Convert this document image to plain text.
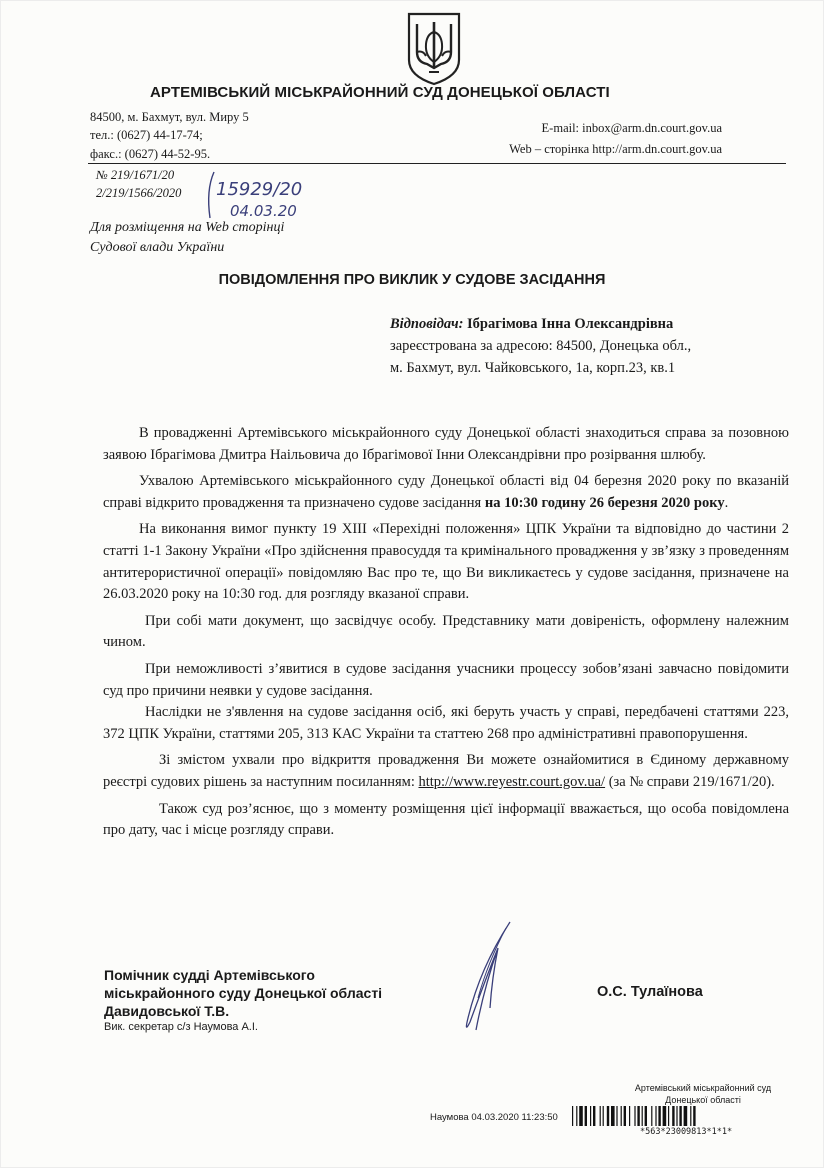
АРТЕМІВСЬКИЙ МІСЬКРАЙОННИЙ СУД ДОНЕЦЬКОЇ ОБЛАСТІ
84500, м. Бахмут, вул. Миру 5
тел.: (0627) 44-17-74;
факс.: (0627) 44-52-95.
E-mail: inbox@arm.dn.court.gov.ua
Web – сторінка http://arm.dn.court.gov.ua
№ 219/1671/20
2/219/1566/2020 15929/20
04.03.20
Для розміщення на Web сторінці
Судової влади України
ПОВІДОМЛЕННЯ ПРО ВИКЛИК У СУДОВЕ ЗАСІДАННЯ
Відповідач: Ібрагімова Інна Олександрівна
зареєстрована за адресою: 84500, Донецька обл.,
м. Бахмут, вул. Чайковського, 1а, корп.23, кв.1

В провадженні Артемівського міськрайонного суду Донецької області знаходиться справа за позовною заявою Ібрагімова Дмитра Наільовича до Ібрагімової Інни Олександрівни про розірвання шлюбу.

Ухвалою Артемівського міськрайонного суду Донецької області від 04 березня 2020 року по вказаній справі відкрито провадження та призначено судове засідання на 10:30 годину 26 березня 2020 року.

На виконання вимог пункту 19 ХІІІ «Перехідні положення» ЦПК України та відповідно до частини 2 статті 1-1 Закону України «Про здійснення правосуддя та кримінального провадження у зв’язку з проведенням антитерористичної операції» повідомляю Вас про те, що Ви викликаєтесь у судове засідання, призначене на 26.03.2020 року на 10:30 год. для розгляду вказаної справи.

При собі мати документ, що засвідчує особу. Представнику мати довіреність, оформлену належним чином.

При неможливості з’явитися в судове засідання учасники процессу зобов’язані завчасно повідомити суд про причини неявки у судове засідання.

Наслідки не з'явлення на судове засідання осіб, які беруть участь у справі, передбачені статтями 223, 372 ЦПК України, статтями 205, 313 КАС України та статтею 268 про адміністративні правопорушення.

Зі змістом ухвали про відкриття провадження Ви можете ознайомитися в Єдиному державному реєстрі судових рішень за наступним посиланням: http://www.reyestr.court.gov.ua/ (за № справи 219/1671/20).

Також суд роз’яснює, що з моменту розміщення цієї інформації вважається, що особа повідомлена про дату, час і місце розгляду справи.

Помічник судді Артемівського
міськрайонного суду Донецької області
Давидовської Т.В.
Вик. секретар с/з Наумова А.І.
О.С. Тулаїнова
Артемівський міськрайонний суд
Донецької області
Наумова 04.03.2020 11:23:50
*563*23009813*1*1*
